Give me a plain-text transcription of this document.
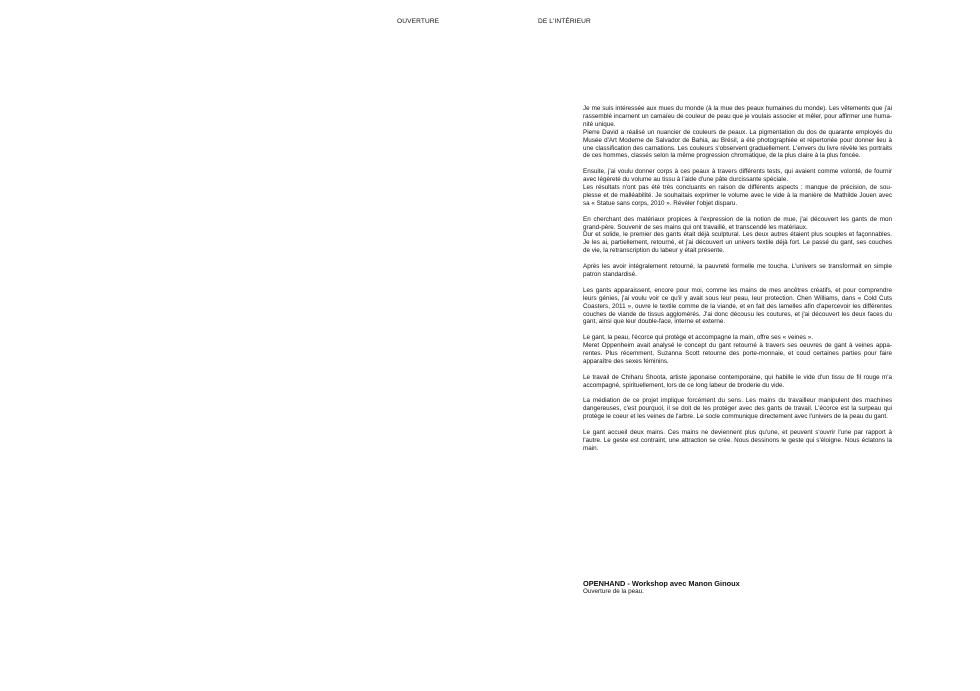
OUVERTURE	DE L'INTÉRIEUR

Je me suis intéressée aux mues du monde (à la mue des peaux humaines du monde). Les vêtements que j'ai rassemblé incarnent un camaïeu de couleur de peau que je voulais associer et mêler, pour affirmer une huma-nité unique.
Pierre David a réalisé un nuancier de couleurs de peaux. La pigmentation du dos de quarante employés du Musée d'Art Moderne de Salvador de Bahia, au Brésil, a été photographiée et répertoriée pour donner lieu à une classification des carnations. Les couleurs s'observent graduellement. L'envers du livre révèle les portraits de ces hommes, classés selon la même progression chromatique, de la plus claire à la plus foncée.

Ensuite, j'ai voulu donner corps à ces peaux à travers différents tests, qui avaient comme volonté, de fournir avec légèreté du volume au tissu à l'aide d'une pâte durcissante spéciale.
Les résultats n'ont pas été très concluants en raison de différents aspects : manque de précision, de sou-plesse et de malléabilité. Je souhaitais exprimer le volume avec le vide à la manière de Mathilde Jouen avec sa « Statue sans corps, 2010 ». Révéler l'objet disparu.

En cherchant des matériaux propices à l'expression de la notion de mue, j'ai découvert les gants de mon grand-père. Souvenir de ses mains qui ont travaillé, et transcendé les matériaux.
Dur et solide, le premier des gants était déjà sculptural. Les deux autres étaient plus souples et façonnables. Je les ai, partiellement, retourné, et j'ai découvert un univers textile déjà fort. Le passé du gant, ses couches de vie, la retranscription du labeur y était présente.

Après les avoir intégralement retourné, la pauvreté formelle me toucha. L'univers se transformait en simple patron standardisé.

Les gants apparaissent, encore pour moi, comme les mains de mes ancêtres créatifs, et pour comprendre leurs génies, j'ai voulu voir ce qu'il y avait sous leur peau, leur protection. Chen Williams, dans « Cold Cuts Coasters, 2011 », ouvre le textile comme de la viande, et en fait des lamelles afin d'apercevoir les différentes couches de viande de tissus agglomérés. J'ai donc décousu les coutures, et j'ai découvert les deux faces du gant, ainsi que leur double-face, interne et externe.

Le gant, la peau, l'écorce qui protège et accompagne la main, offre ses « veines ».
Meret Oppenheim avait analysé le concept du gant retourné à travers ses oeuvres de gant à veines appa-rentes. Plus récemment, Suzanna Scott retourne des porte-monnaie, et coud certaines parties pour faire apparaître des sexes féminins.

Le travail de Chiharu Shoota, artiste japonaise contemporaine, qui habille le vide d'un tissu de fil rouge m'a accompagné, spirituellement, lors de ce long labeur de broderie du vide.

La médiation de ce projet implique forcément du sens. Les mains du travailleur manipulent des machines dangereuses, c'est pourquoi, il se doit de les protéger avec des gants de travail. L'écorce est la surpeau qui protège le coeur et les veines de l'arbre. Le socle communique directement avec l'univers de la peau du gant.

Le gant accueil deux mains. Ces mains ne deviennent plus qu'une, et peuvent s'ouvrir l'une par rapport à l'autre. Le geste est contraint, une attraction se crée. Nous dessinons le geste qui s'éloigne. Nous éclatons la main.

OPENHAND - Workshop avec Manon Ginoux
Ouverture de la peau.
